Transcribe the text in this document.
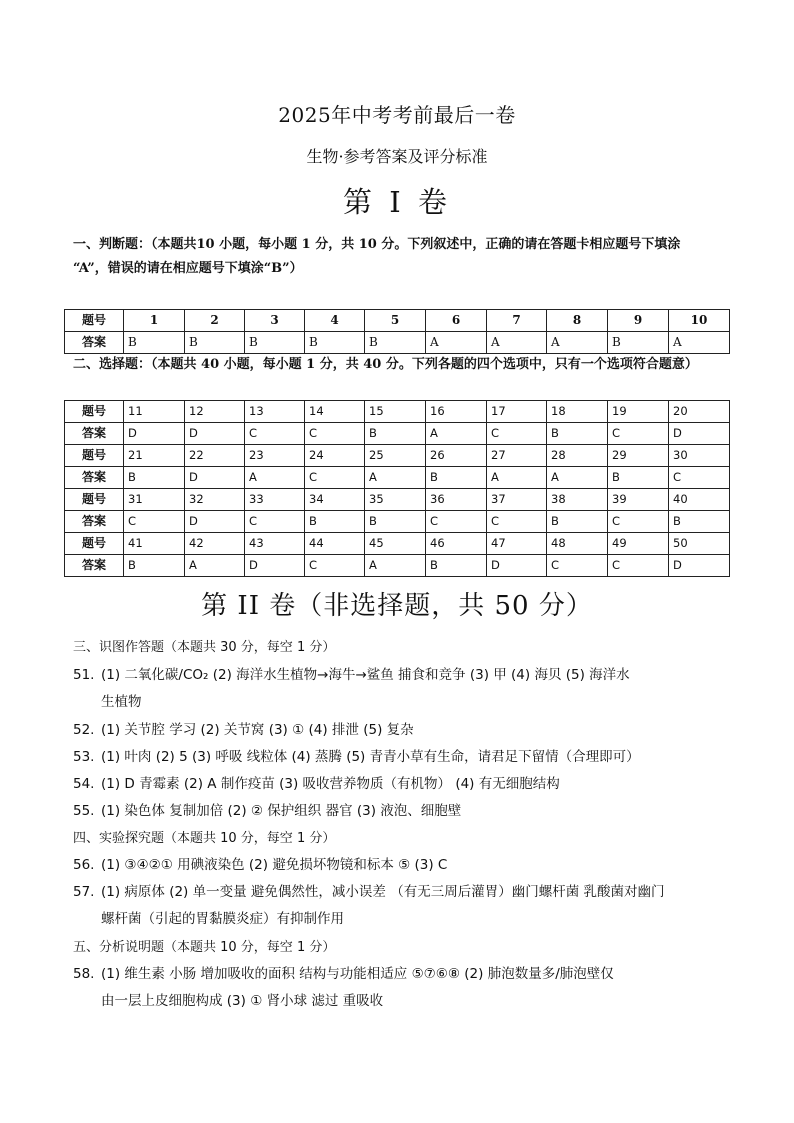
2025年中考考前最后一卷
生物·参考答案及评分标准
第 I 卷
一、判断题：（本题共10 小题，每小题 1 分，共 10 分。下列叙述中，正确的请在答题卡相应题号下填涂
“A”，错误的请在相应题号下填涂“B”）
题号	1	2	3	4	5	6	7	8	9	10
答案	B	B	B	B	B	A	A	A	B	A
二、选择题：（本题共 40 小题，每小题 1 分，共 40 分。下列各题的四个选项中，只有一个选项符合题意）
题号	11	12	13	14	15	16	17	18	19	20
答案	D	D	C	C	B	A	C	B	C	D
题号	21	22	23	24	25	26	27	28	29	30
答案	B	D	A	C	A	B	A	A	B	C
题号	31	32	33	34	35	36	37	38	39	40
答案	C	D	C	B	B	C	C	B	C	B
题号	41	42	43	44	45	46	47	48	49	50
答案	B	A	D	C	A	B	D	C	C	D
第 II 卷（非选择题，共 50 分）
三、识图作答题（本题共 30 分，每空 1 分）
51. (1) 二氧化碳/CO₂ (2) 海洋水生植物→海牛→鲨鱼 捕食和竞争 (3) 甲 (4) 海贝 (5) 海洋水
生植物
52. (1) 关节腔 学习 (2) 关节窝 (3) ① (4) 排泄 (5) 复杂
53. (1) 叶肉 (2) 5 (3) 呼吸 线粒体 (4) 蒸腾 (5) 青青小草有生命，请君足下留情（合理即可）
54. (1) D 青霉素 (2) A 制作疫苗 (3) 吸收营养物质（有机物） (4) 有无细胞结构
55. (1) 染色体 复制加倍 (2) ② 保护组织 器官 (3) 液泡、细胞壁
四、实验探究题（本题共 10 分，每空 1 分）
56. (1) ③④②① 用碘液染色 (2) 避免损坏物镜和标本 ⑤ (3) C
57. (1) 病原体 (2) 单一变量 避免偶然性，减小误差 （有无三周后灌胃）幽门螺杆菌 乳酸菌对幽门
螺杆菌（引起的胃黏膜炎症）有抑制作用
五、分析说明题（本题共 10 分，每空 1 分）
58. (1) 维生素 小肠 增加吸收的面积 结构与功能相适应 ⑤⑦⑥⑧ (2) 肺泡数量多/肺泡壁仅
由一层上皮细胞构成 (3) ① 肾小球 滤过 重吸收
